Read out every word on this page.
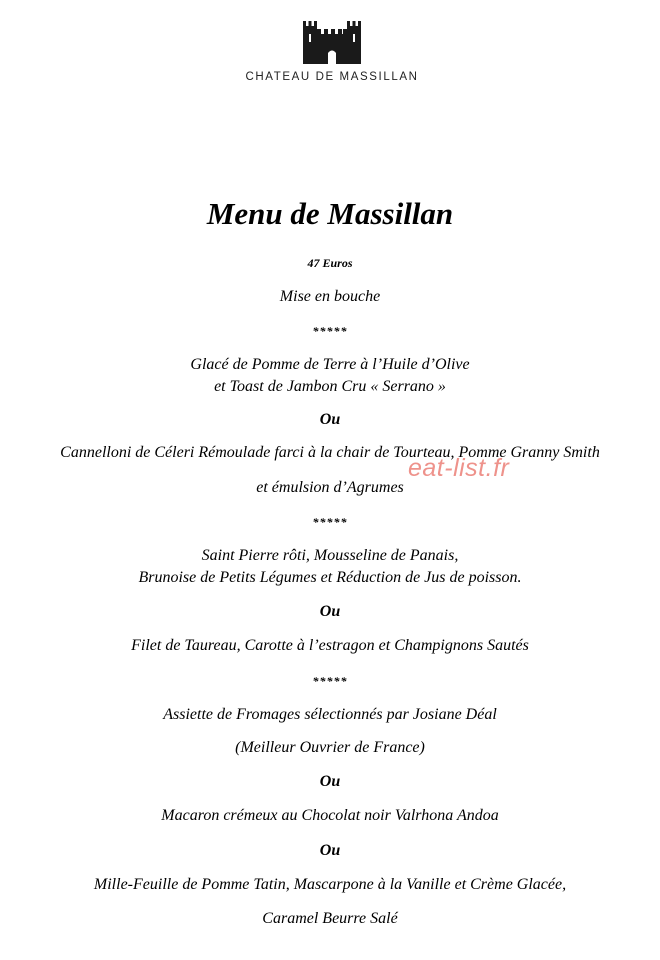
CHATEAU DE MASSILLAN
Menu de Massillan
47 Euros
Mise en bouche
*****
Glacé de Pomme de Terre à l’Huile d’Olive
et Toast de Jambon Cru « Serrano »
Ou
Cannelloni de Céleri Rémoulade farci à la chair de Tourteau, Pomme Granny Smith
et émulsion d’Agrumes
*****
Saint Pierre rôti, Mousseline de Panais,
Brunoise de Petits Légumes et Réduction de Jus de poisson.
Ou
Filet de Taureau, Carotte à l’estragon et Champignons Sautés
*****
Assiette de Fromages sélectionnés par Josiane Déal
(Meilleur Ouvrier de France)
Ou
Macaron crémeux au Chocolat noir Valrhona Andoa
Ou
Mille-Feuille de Pomme Tatin, Mascarpone à la Vanille et Crème Glacée,
Caramel Beurre Salé
eat-list.fr
